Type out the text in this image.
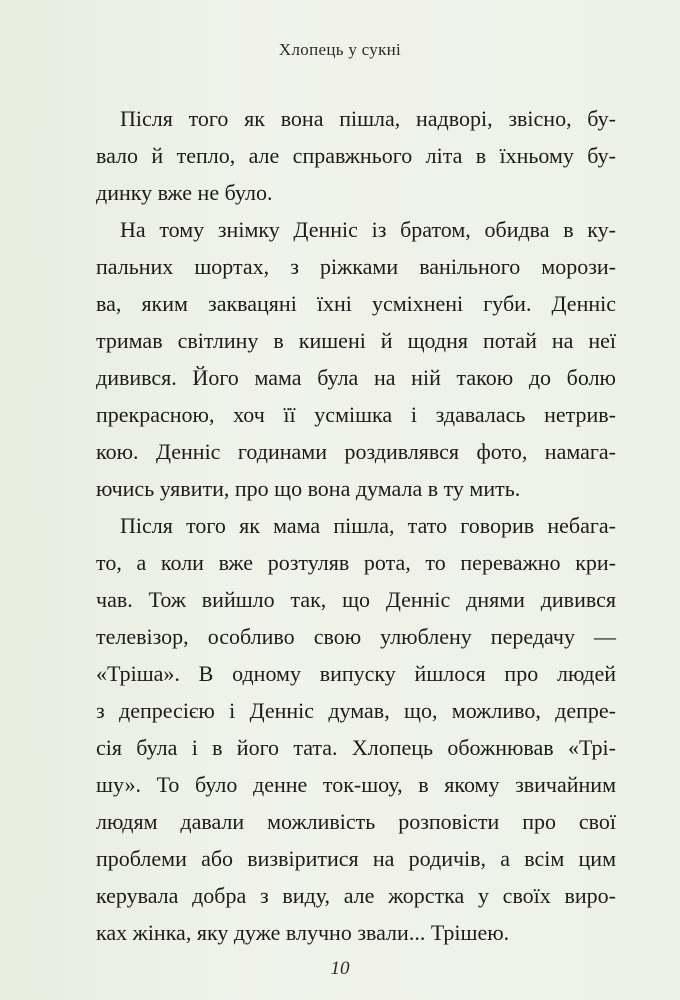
Хлопець у сукні
Після того як вона пішла, надворі, звісно, бу-
вало й тепло, але справжнього літа в їхньому бу-
динку вже не було.
На тому знімку Денніс із братом, обидва в ку-
пальних шортах, з ріжками ванільного морози-
ва, яким заквацяні їхні усміхнені губи. Денніс
тримав світлину в кишені й щодня потай на неї
дивився. Його мама була на ній такою до болю
прекрасною, хоч її усмішка і здавалась нетрив-
кою. Денніс годинами роздивлявся фото, намага-
ючись уявити, про що вона думала в ту мить.
Після того як мама пішла, тато говорив небага-
то, а коли вже розтуляв рота, то переважно кри-
чав. Тож вийшло так, що Денніс днями дивився
телевізор, особливо свою улюблену передачу —
«Тріша». В одному випуску йшлося про людей
з депресією і Денніс думав, що, можливо, депре-
сія була і в його тата. Хлопець обожнював «Трі-
шу». То було денне ток-шоу, в якому звичайним
людям давали можливість розповісти про свої
проблеми або визвіритися на родичів, а всім цим
керувала добра з виду, але жорстка у своїх виро-
ках жінка, яку дуже влучно звали... Трішею.
10
